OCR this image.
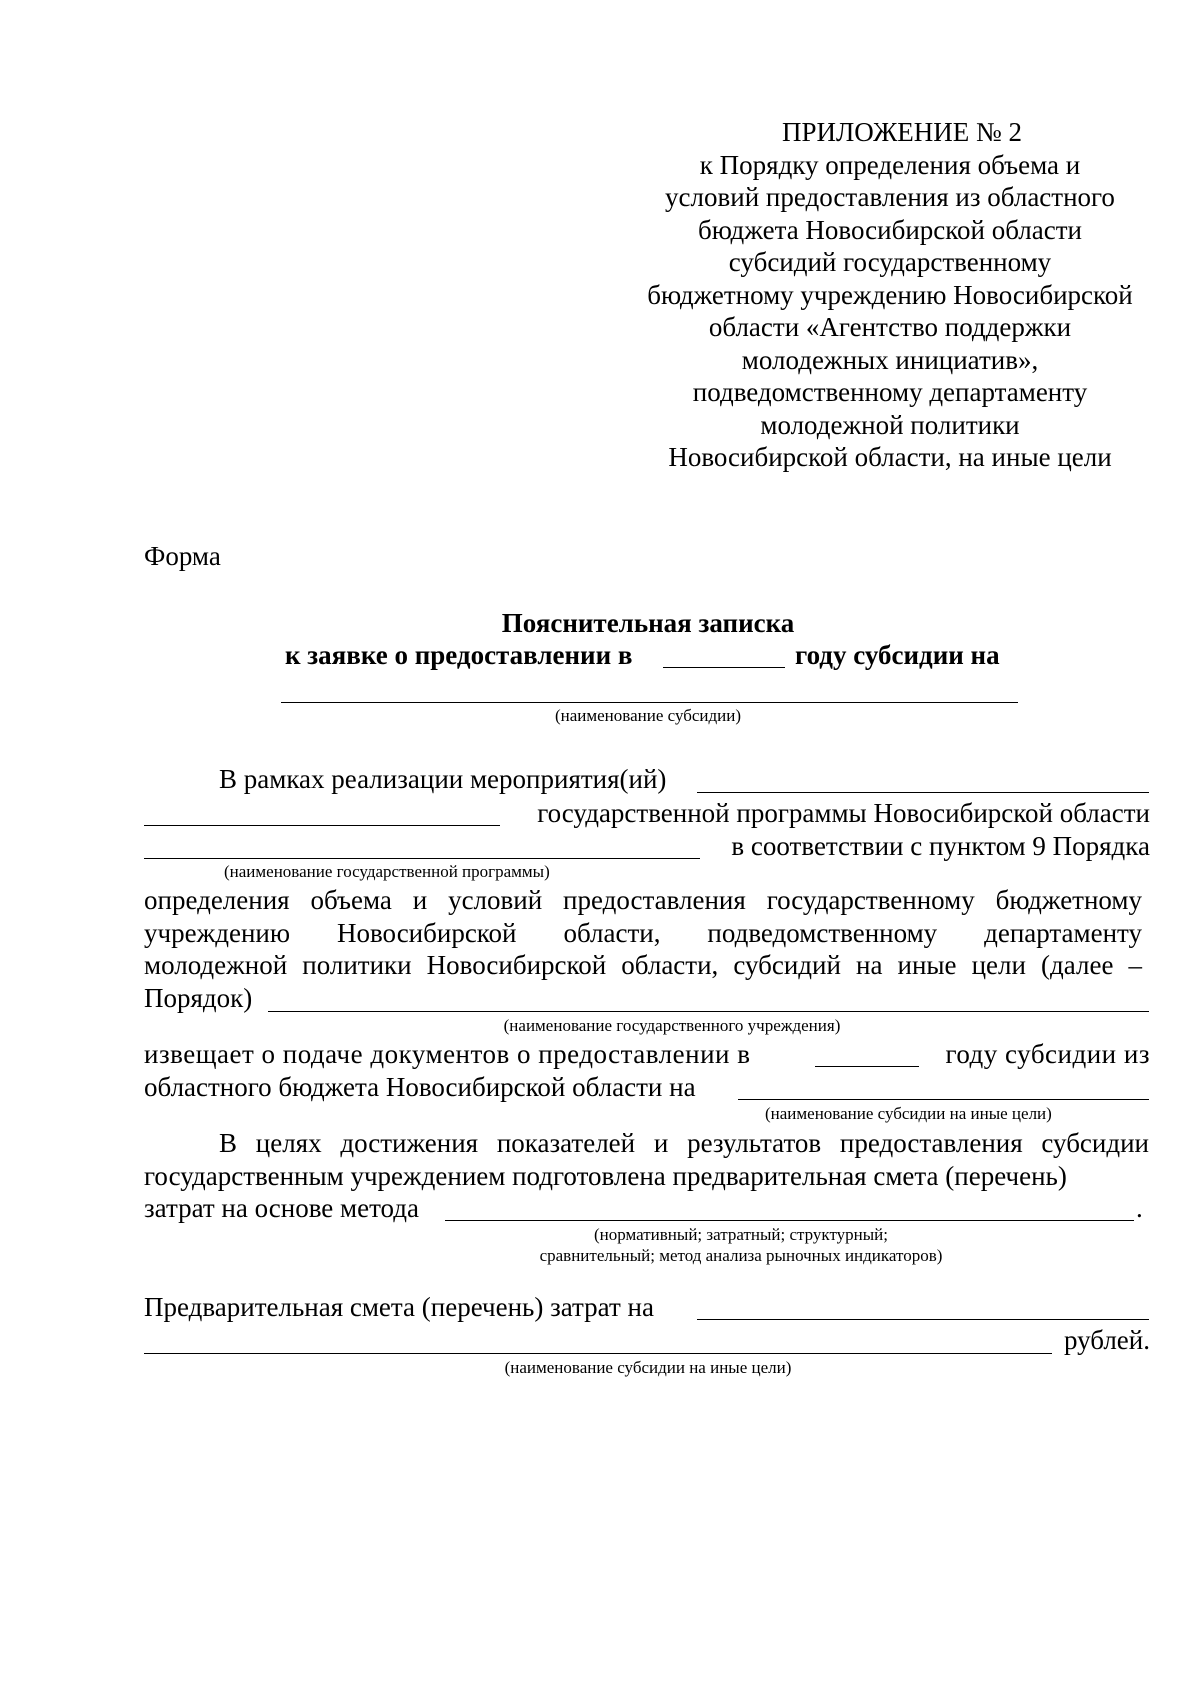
ПРИЛОЖЕНИЕ № 2
к Порядку определения объема и
условий предоставления из областного
бюджета Новосибирской области
субсидий государственному
бюджетному учреждению Новосибирской
области «Агентство поддержки
молодежных инициатив»,
подведомственному департаменту
молодежной политики
Новосибирской области, на иные цели
Форма
Пояснительная записка
к заявке о предоставлении в	году субсидии на
(наименование субсидии)
В рамках реализации мероприятия(ий)
государственной программы Новосибирской области
в соответствии с пунктом 9 Порядка
(наименование государственной программы)
определения объема и условий предоставления государственному бюджетному
учреждению Новосибирской области, подведомственному департаменту
молодежной политики Новосибирской области, субсидий на иные цели (далее –
Порядок)
(наименование государственного учреждения)
извещает о подаче документов о предоставлении в	году субсидии из
областного бюджета Новосибирской области на
(наименование субсидии на иные цели)
В целях достижения показателей и результатов предоставления субсидии
государственным учреждением подготовлена предварительная смета (перечень)
затрат на основе метода	.
(нормативный; затратный; структурный;
сравнительный; метод анализа рыночных индикаторов)
Предварительная смета (перечень) затрат на
рублей.
(наименование субсидии на иные цели)
